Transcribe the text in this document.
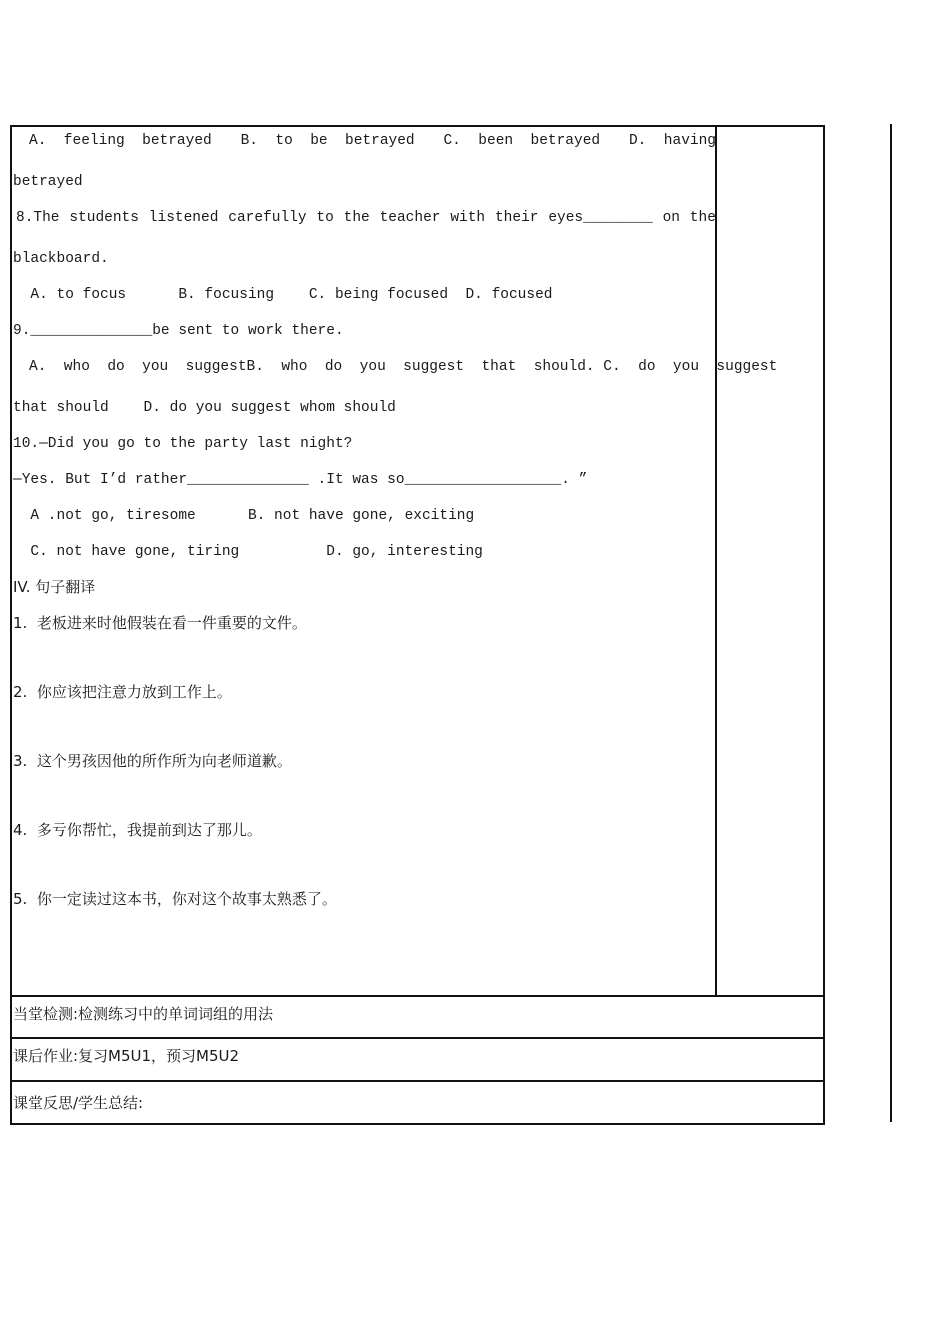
A.  feeling  betrayed B.  to  be  betrayed C.  been  betrayed D.  having
betrayed
8.The students listened carefully to the teacher with their eyes________ on the
blackboard.
A. to focus      B. focusing    C. being focused  D. focused
9.______________be sent to work there.
A.  who  do  you  suggest B.  who  do  you  suggest  that  should . C.  do  you  suggest
that should    D. do you suggest whom should
10.—Did you go to the party last night?
—Yes. But I’d rather______________ .It was so__________________. ”
A .not go, tiresome      B. not have gone, exciting
C. not have gone, tiring          D. go, interesting
IV. 句子翻译
1.  老板进来时他假装在看一件重要的文件。
2.  你应该把注意力放到工作上。
3.  这个男孩因他的所作所为向老师道歉。
4.  多亏你帮忙，我提前到达了那儿。
5.  你一定读过这本书，你对这个故事太熟悉了。
当堂检测:检测练习中的单词词组的用法
课后作业:复习M5U1，预习M5U2
课堂反思/学生总结:
